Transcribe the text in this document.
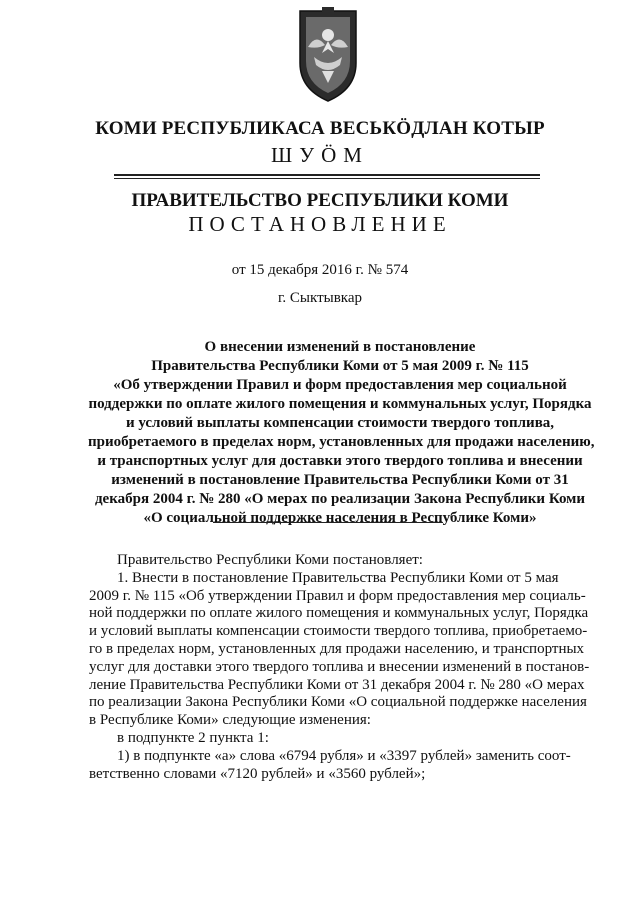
КОМИ РЕСПУБЛИКАСА ВЕСЬКÖДЛАН КОТЫР
ШУÖМ
ПРАВИТЕЛЬСТВО РЕСПУБЛИКИ КОМИ
ПОСТАНОВЛЕНИЕ
от 15 декабря 2016 г. № 574
г. Сыктывкар
О внесении изменений в постановление
Правительства Республики Коми от 5 мая 2009 г. № 115
«Об утверждении Правил и форм предоставления мер социальной
поддержки по оплате жилого помещения и коммунальных услуг, Порядка
и условий выплаты компенсации стоимости твердого топлива,
приобретаемого в пределах норм, установленных для продажи населению,
и транспортных услуг для доставки этого твердого топлива и внесении
изменений в постановление Правительства Республики Коми от 31
декабря 2004 г. № 280 «О мерах по реализации Закона Республики Коми
«О социальной поддержке населения в Республике Коми»
Правительство Республики Коми постановляет:
1. Внести в постановление Правительства Республики Коми от 5 мая
2009 г. № 115 «Об утверждении Правил и форм предоставления мер социаль-
ной поддержки по оплате жилого помещения и коммунальных услуг, Порядка
и условий выплаты компенсации стоимости твердого топлива, приобретаемо-
го в пределах норм, установленных для продажи населению, и транспортных
услуг для доставки этого твердого топлива и внесении изменений в постанов-
ление Правительства Республики Коми от 31 декабря 2004 г. № 280 «О мерах
по реализации Закона Республики Коми «О социальной поддержке населения
в Республике Коми» следующие изменения:
в подпункте 2 пункта 1:
1) в подпункте «а» слова «6794 рубля» и «3397 рублей» заменить соот-
ветственно словами «7120 рублей» и «3560 рублей»;
